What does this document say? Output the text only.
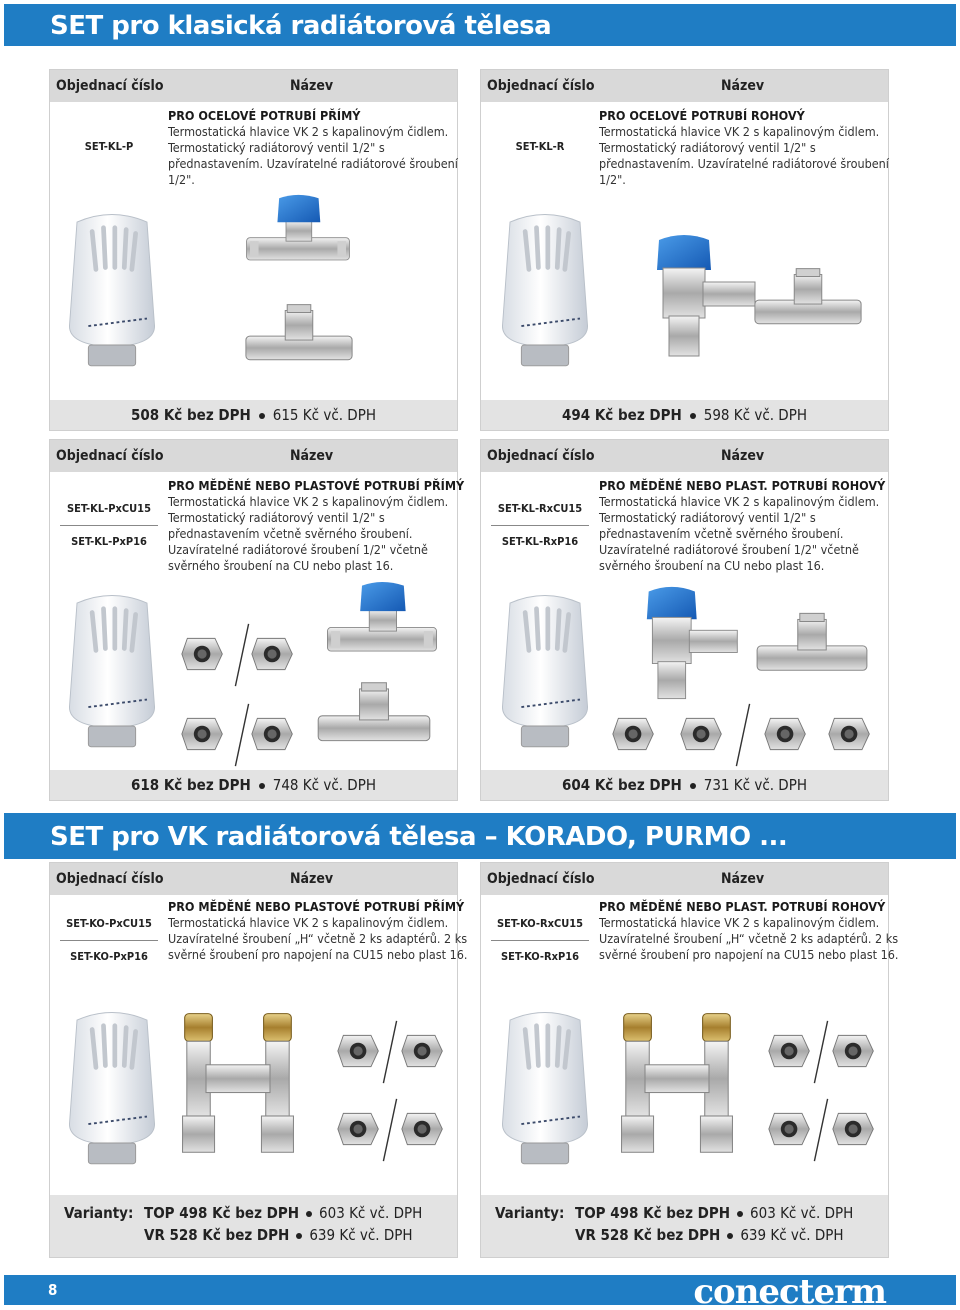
SET pro klasická radiátorová tělesa
Objednací číslo	Název
SET-KL-P
PRO OCELOVÉ POTRUBÍ PŘÍMÝ
Termostatická hlavice VK 2 s kapalinovým čidlem. Termostatický radiátorový ventil 1/2" s přednastavením. Uzavíratelné radiátorové šroubení 1/2".
508 Kč bez DPH 615 Kč vč. DPH
Objednací číslo	Název
SET-KL-R
PRO OCELOVÉ POTRUBÍ ROHOVÝ
Termostatická hlavice VK 2 s kapalinovým čidlem. Termostatický radiátorový ventil 1/2" s přednastavením. Uzavíratelné radiátorové šroubení 1/2".
494 Kč bez DPH 598 Kč vč. DPH
Objednací číslo	Název
SET-KL-PxCU15
SET-KL-PxP16
PRO MĚDĚNÉ NEBO PLASTOVÉ POTRUBÍ PŘÍMÝ
Termostatická hlavice VK 2 s kapalinovým čidlem. Termostatický radiátorový ventil 1/2" s přednastavením včetně svěrného šroubení. Uzavíratelné radiátorové šroubení 1/2" včetně svěrného šroubení na CU nebo plast 16.
618 Kč bez DPH 748 Kč vč. DPH
Objednací číslo	Název
SET-KL-RxCU15
SET-KL-RxP16
PRO MĚDĚNÉ NEBO PLAST. POTRUBÍ ROHOVÝ
Termostatická hlavice VK 2 s kapalinovým čidlem. Termostatický radiátorový ventil 1/2" s přednastavením včetně svěrného šroubení. Uzavíratelné radiátorové šroubení 1/2" včetně svěrného šroubení na CU nebo plast 16.
604 Kč bez DPH 731 Kč vč. DPH
SET pro VK radiátorová tělesa – KORADO, PURMO ...
Objednací číslo	Název
SET-KO-PxCU15
SET-KO-PxP16
PRO MĚDĚNÉ NEBO PLASTOVÉ POTRUBÍ PŘÍMÝ
Termostatická hlavice VK 2 s kapalinovým čidlem. Uzavíratelné šroubení „H“ včetně 2 ks adaptérů. 2 ks svěrné šroubení pro napojení na CU15 nebo plast 16.
Varianty: TOP 498 Kč bez DPH 603 Kč vč. DPH
VR 528 Kč bez DPH 639 Kč vč. DPH
Objednací číslo	Název
SET-KO-RxCU15
SET-KO-RxP16
PRO MĚDĚNÉ NEBO PLAST. POTRUBÍ ROHOVÝ
Termostatická hlavice VK 2 s kapalinovým čidlem. Uzavíratelné šroubení „H“ včetně 2 ks adaptérů. 2 ks svěrné šroubení pro napojení na CU15 nebo plast 16.
Varianty: TOP 498 Kč bez DPH 603 Kč vč. DPH
VR 528 Kč bez DPH 639 Kč vč. DPH
8	conecterm
